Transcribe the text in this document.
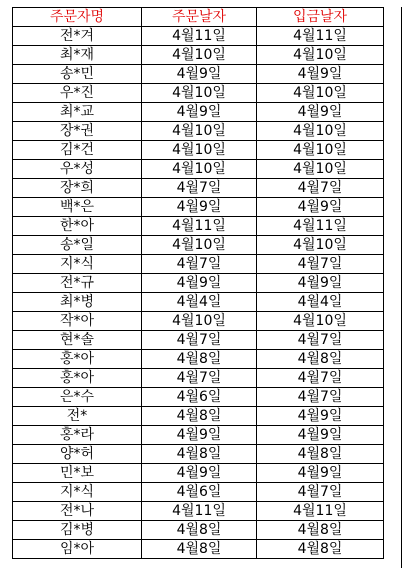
주문자명	주문날자	입금날자
전*겨	4월11일	4월11일
최*재	4월10일	4월10일
송*민	4월9일	4월9일
우*진	4월10일	4월10일
최*교	4월9일	4월9일
장*권	4월10일	4월10일
김*건	4월10일	4월10일
우*성	4월10일	4월10일
장*희	4월7일	4월7일
백*은	4월9일	4월9일
한*아	4월11일	4월11일
송*일	4월10일	4월10일
지*식	4월7일	4월7일
전*규	4월9일	4월9일
최*병	4월4일	4월4일
작*아	4월10일	4월10일
현*솔	4월7일	4월7일
홍*아	4월8일	4월8일
홍*아	4월7일	4월7일
은*수	4월6일	4월7일
전*	4월8일	4월9일
홍*라	4월9일	4월9일
양*허	4월8일	4월8일
민*보	4월9일	4월9일
지*식	4월6일	4월7일
전*나	4월11일	4월11일
김*병	4월8일	4월8일
임*아	4월8일	4월8일
